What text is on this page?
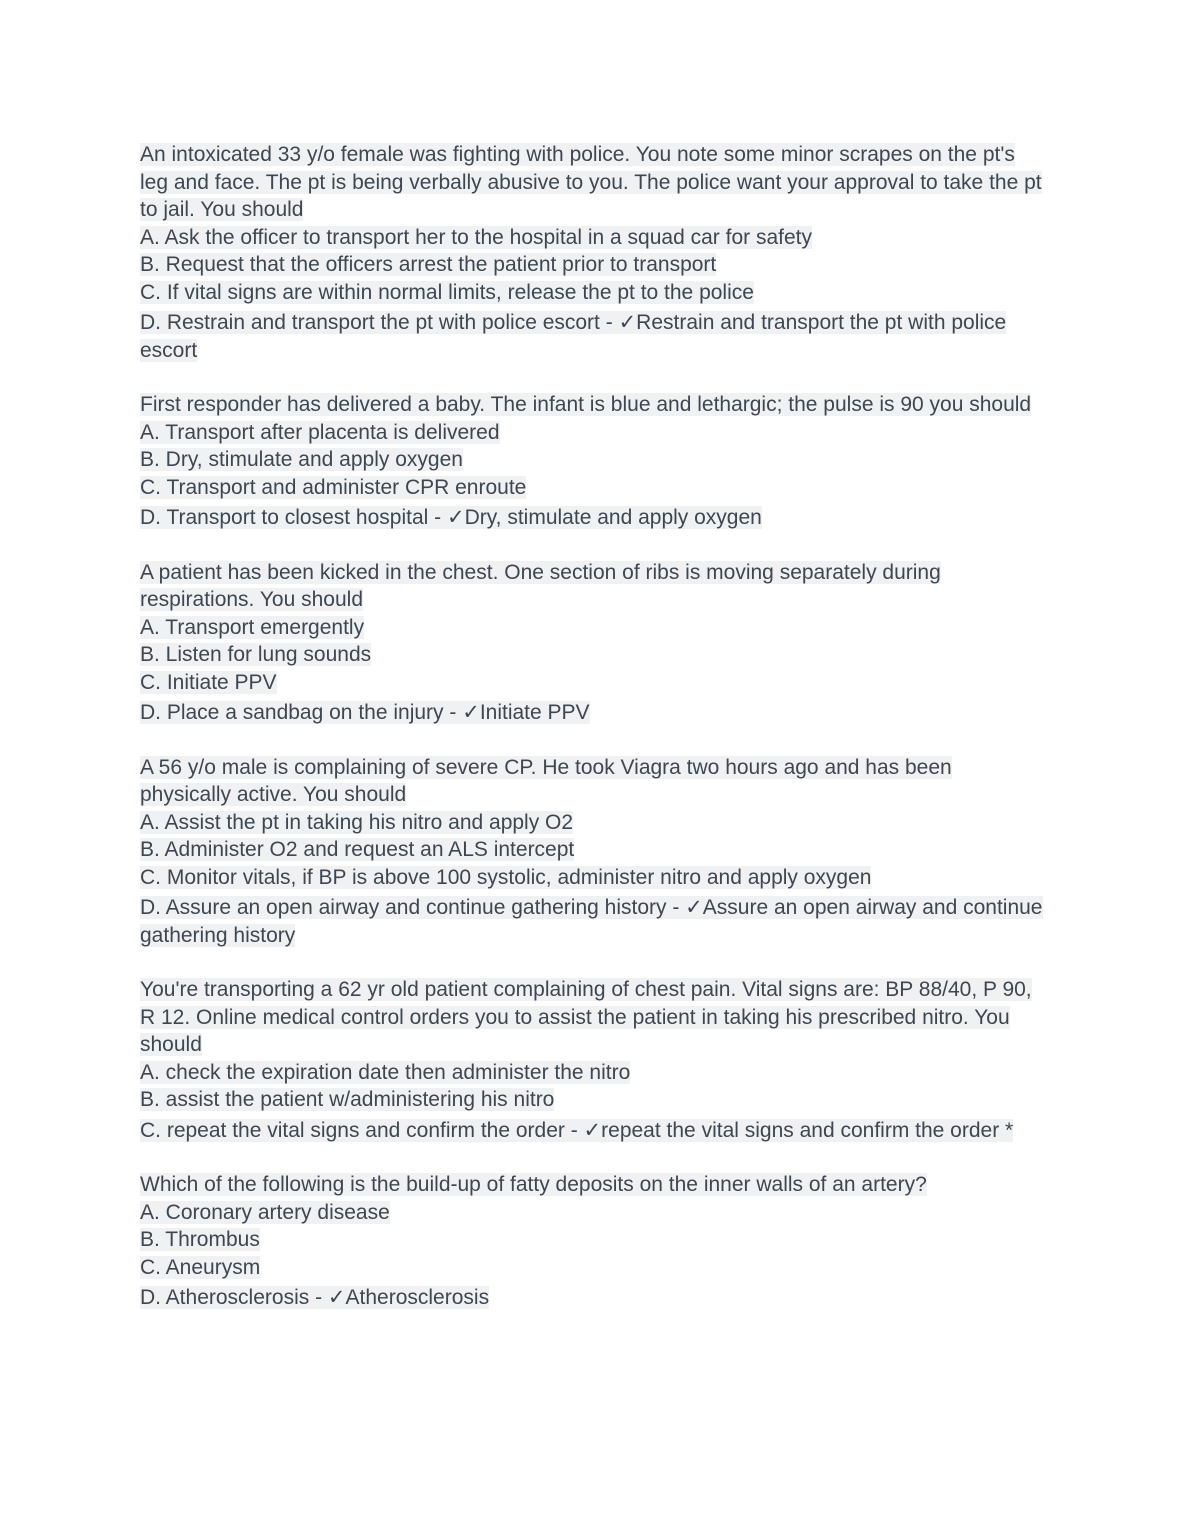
An intoxicated 33 y/o female was fighting with police. You note some minor scrapes on the pt's leg and face. The pt is being verbally abusive to you. The police want your approval to take the pt to jail. You should

A. Ask the officer to transport her to the hospital in a squad car for safety

B. Request that the officers arrest the patient prior to transport

C. If vital signs are within normal limits, release the pt to the police

D. Restrain and transport the pt with police escort - ✓Restrain and transport the pt with police escort

First responder has delivered a baby. The infant is blue and lethargic; the pulse is 90 you should

A. Transport after placenta is delivered

B. Dry, stimulate and apply oxygen

C. Transport and administer CPR enroute

D. Transport to closest hospital - ✓Dry, stimulate and apply oxygen

A patient has been kicked in the chest. One section of ribs is moving separately during respirations. You should

A. Transport emergently

B. Listen for lung sounds

C. Initiate PPV

D. Place a sandbag on the injury - ✓Initiate PPV

A 56 y/o male is complaining of severe CP. He took Viagra two hours ago and has been physically active. You should

A. Assist the pt in taking his nitro and apply O2

B. Administer O2 and request an ALS intercept

C. Monitor vitals, if BP is above 100 systolic, administer nitro and apply oxygen

D. Assure an open airway and continue gathering history - ✓Assure an open airway and continue gathering history

You're transporting a 62 yr old patient complaining of chest pain. Vital signs are: BP 88/40, P 90, R 12. Online medical control orders you to assist the patient in taking his prescribed nitro. You should

A. check the expiration date then administer the nitro

B. assist the patient w/administering his nitro

C. repeat the vital signs and confirm the order - ✓repeat the vital signs and confirm the order *

Which of the following is the build-up of fatty deposits on the inner walls of an artery?

A. Coronary artery disease

B. Thrombus

C. Aneurysm

D. Atherosclerosis - ✓Atherosclerosis
